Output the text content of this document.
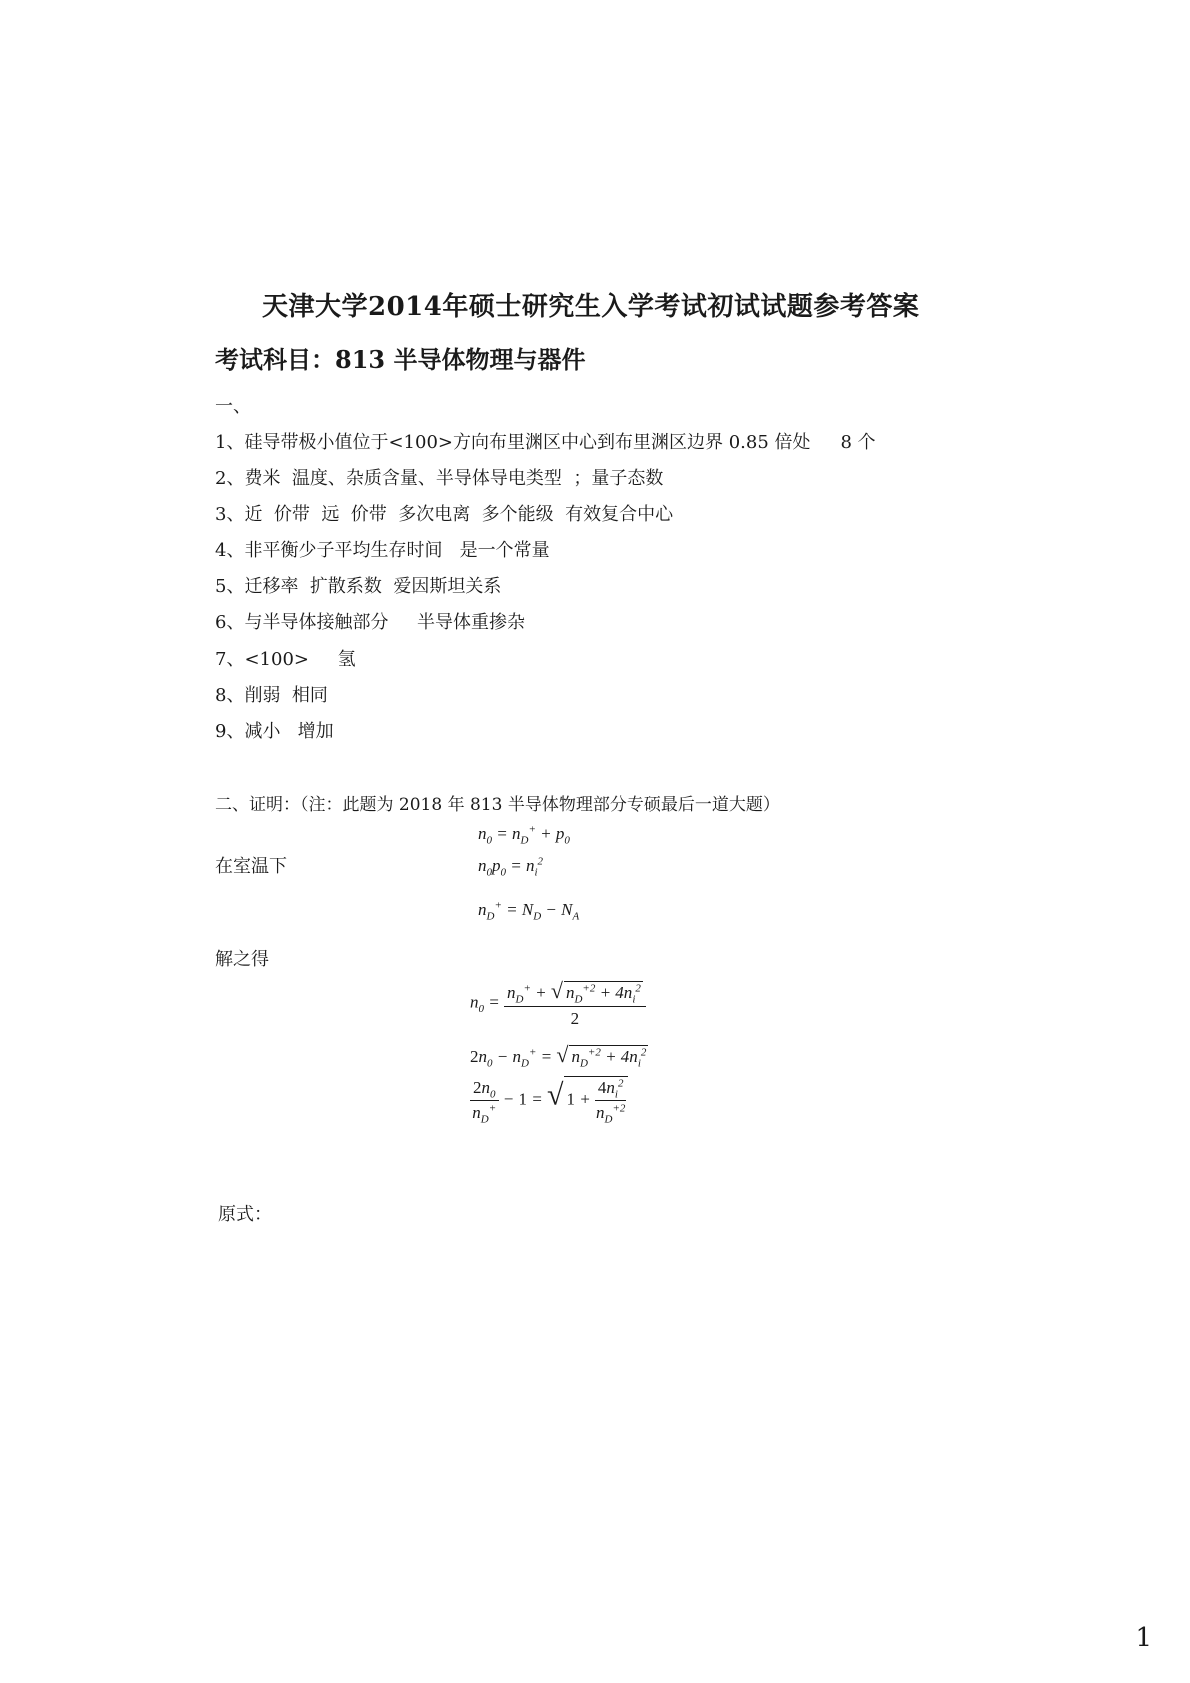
天津大学2014年硕士研究生入学考试初试试题参考答案
考试科目：813 半导体物理与器件
一、
1、硅导带极小值位于<100>方向布里渊区中心到布里渊区边界 0.85 倍处 8 个
2、费米  温度、杂质含量、半导体导电类型  ；量子态数
3、近  价带  远  价带  多次电离  多个能级  有效复合中心
4、非平衡少子平均生存时间   是一个常量
5、迁移率  扩散系数  爱因斯坦关系
6、与半导体接触部分     半导体重掺杂
7、<100>     氢
8、削弱  相同
9、减小   增加
二、证明：（注：此题为 2018 年 813 半导体物理部分专硕最后一道大题）
在室温下
$n_0 = n_D^+ + p_0$
$n_0p_0 = n_i^2$
$n_D^+ = N_D - N_A$
解之得
$n_0 = \frac{n_D^+ + √ n_D^{+2} + 4n_i^2}{2}$
$2n_0 - n_D^+$ = √ $n_D^{+2} + 4n_i^2$
$\frac{2n_0}{n_D^+} - 1$ = √ $1 + \frac{4n_i^2}{n_D^{+2}}$
原式：
1
